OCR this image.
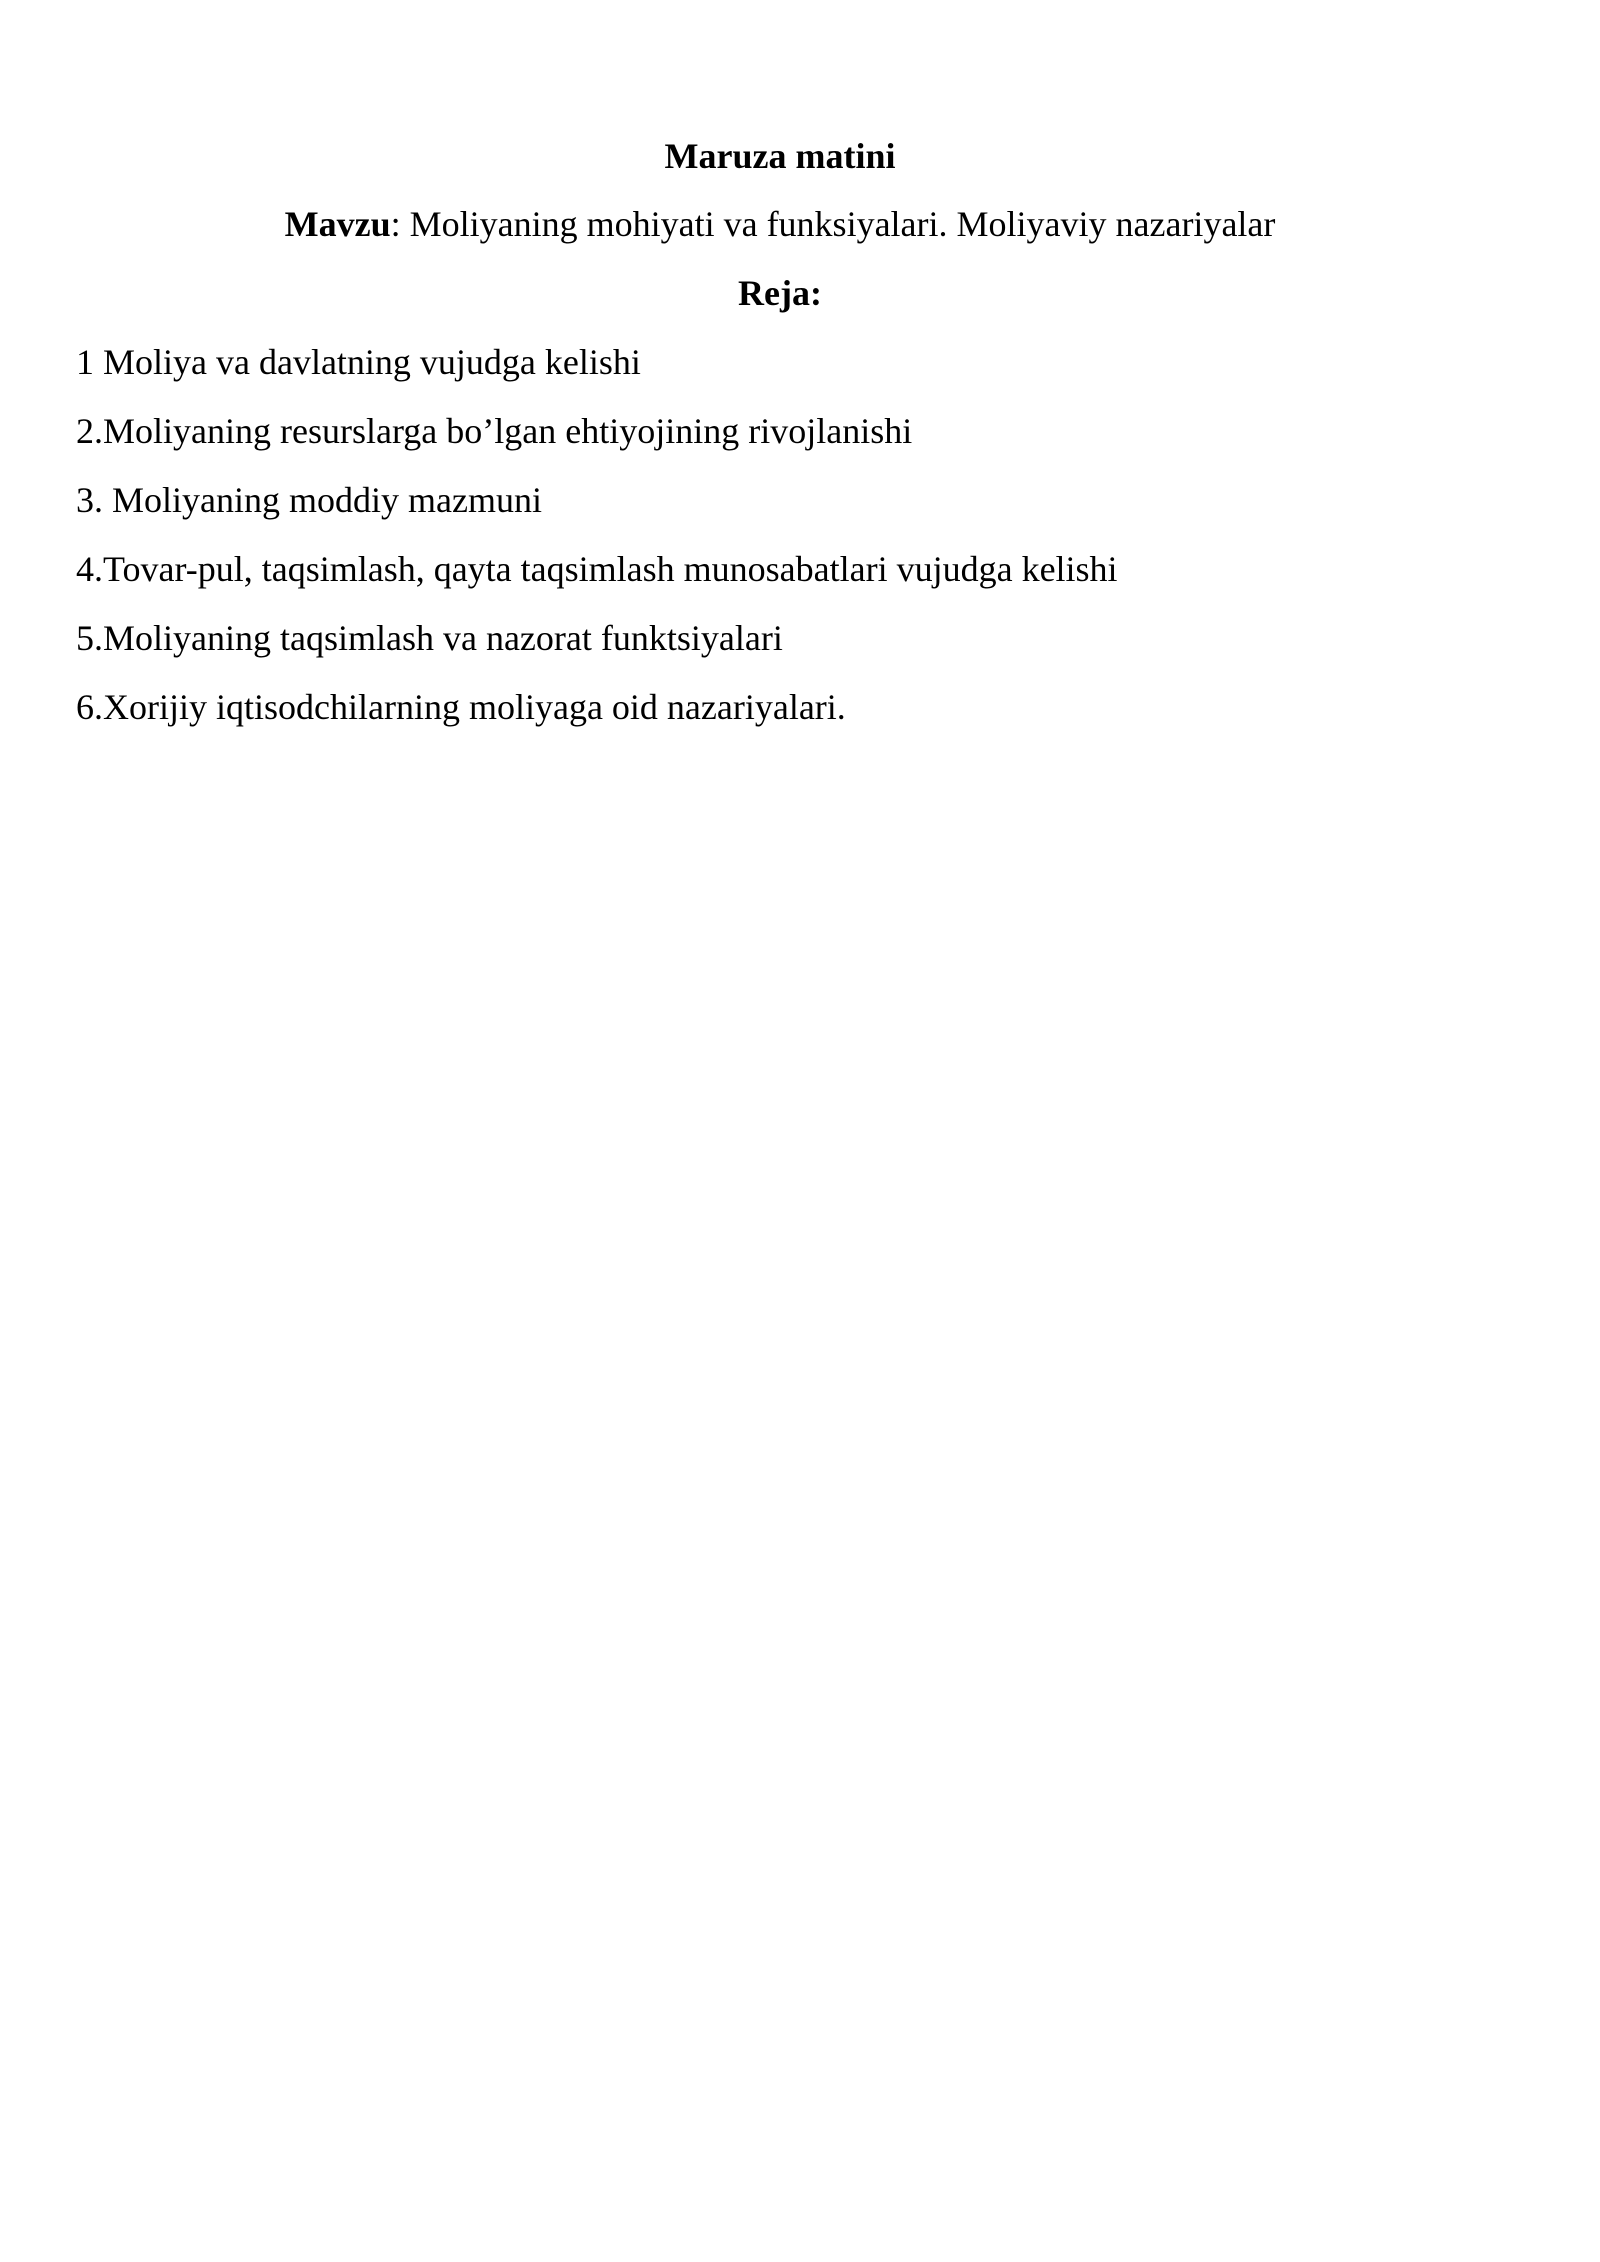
Maruza matini
Mavzu: Moliyaning mohiyati va funksiyalari. Moliyaviy nazariyalar
Reja:
1 Moliya va davlatning vujudga kelishi
2.Moliyaning resurslarga bo’lgan ehtiyojining rivojlanishi
3. Moliyaning moddiy mazmuni
4.Tovar-pul, taqsimlash, qayta taqsimlash munosabatlari vujudga kelishi
5.Moliyaning taqsimlash va nazorat funktsiyalari
6.Xorijiy iqtisodchilarning moliyaga oid nazariyalari.
